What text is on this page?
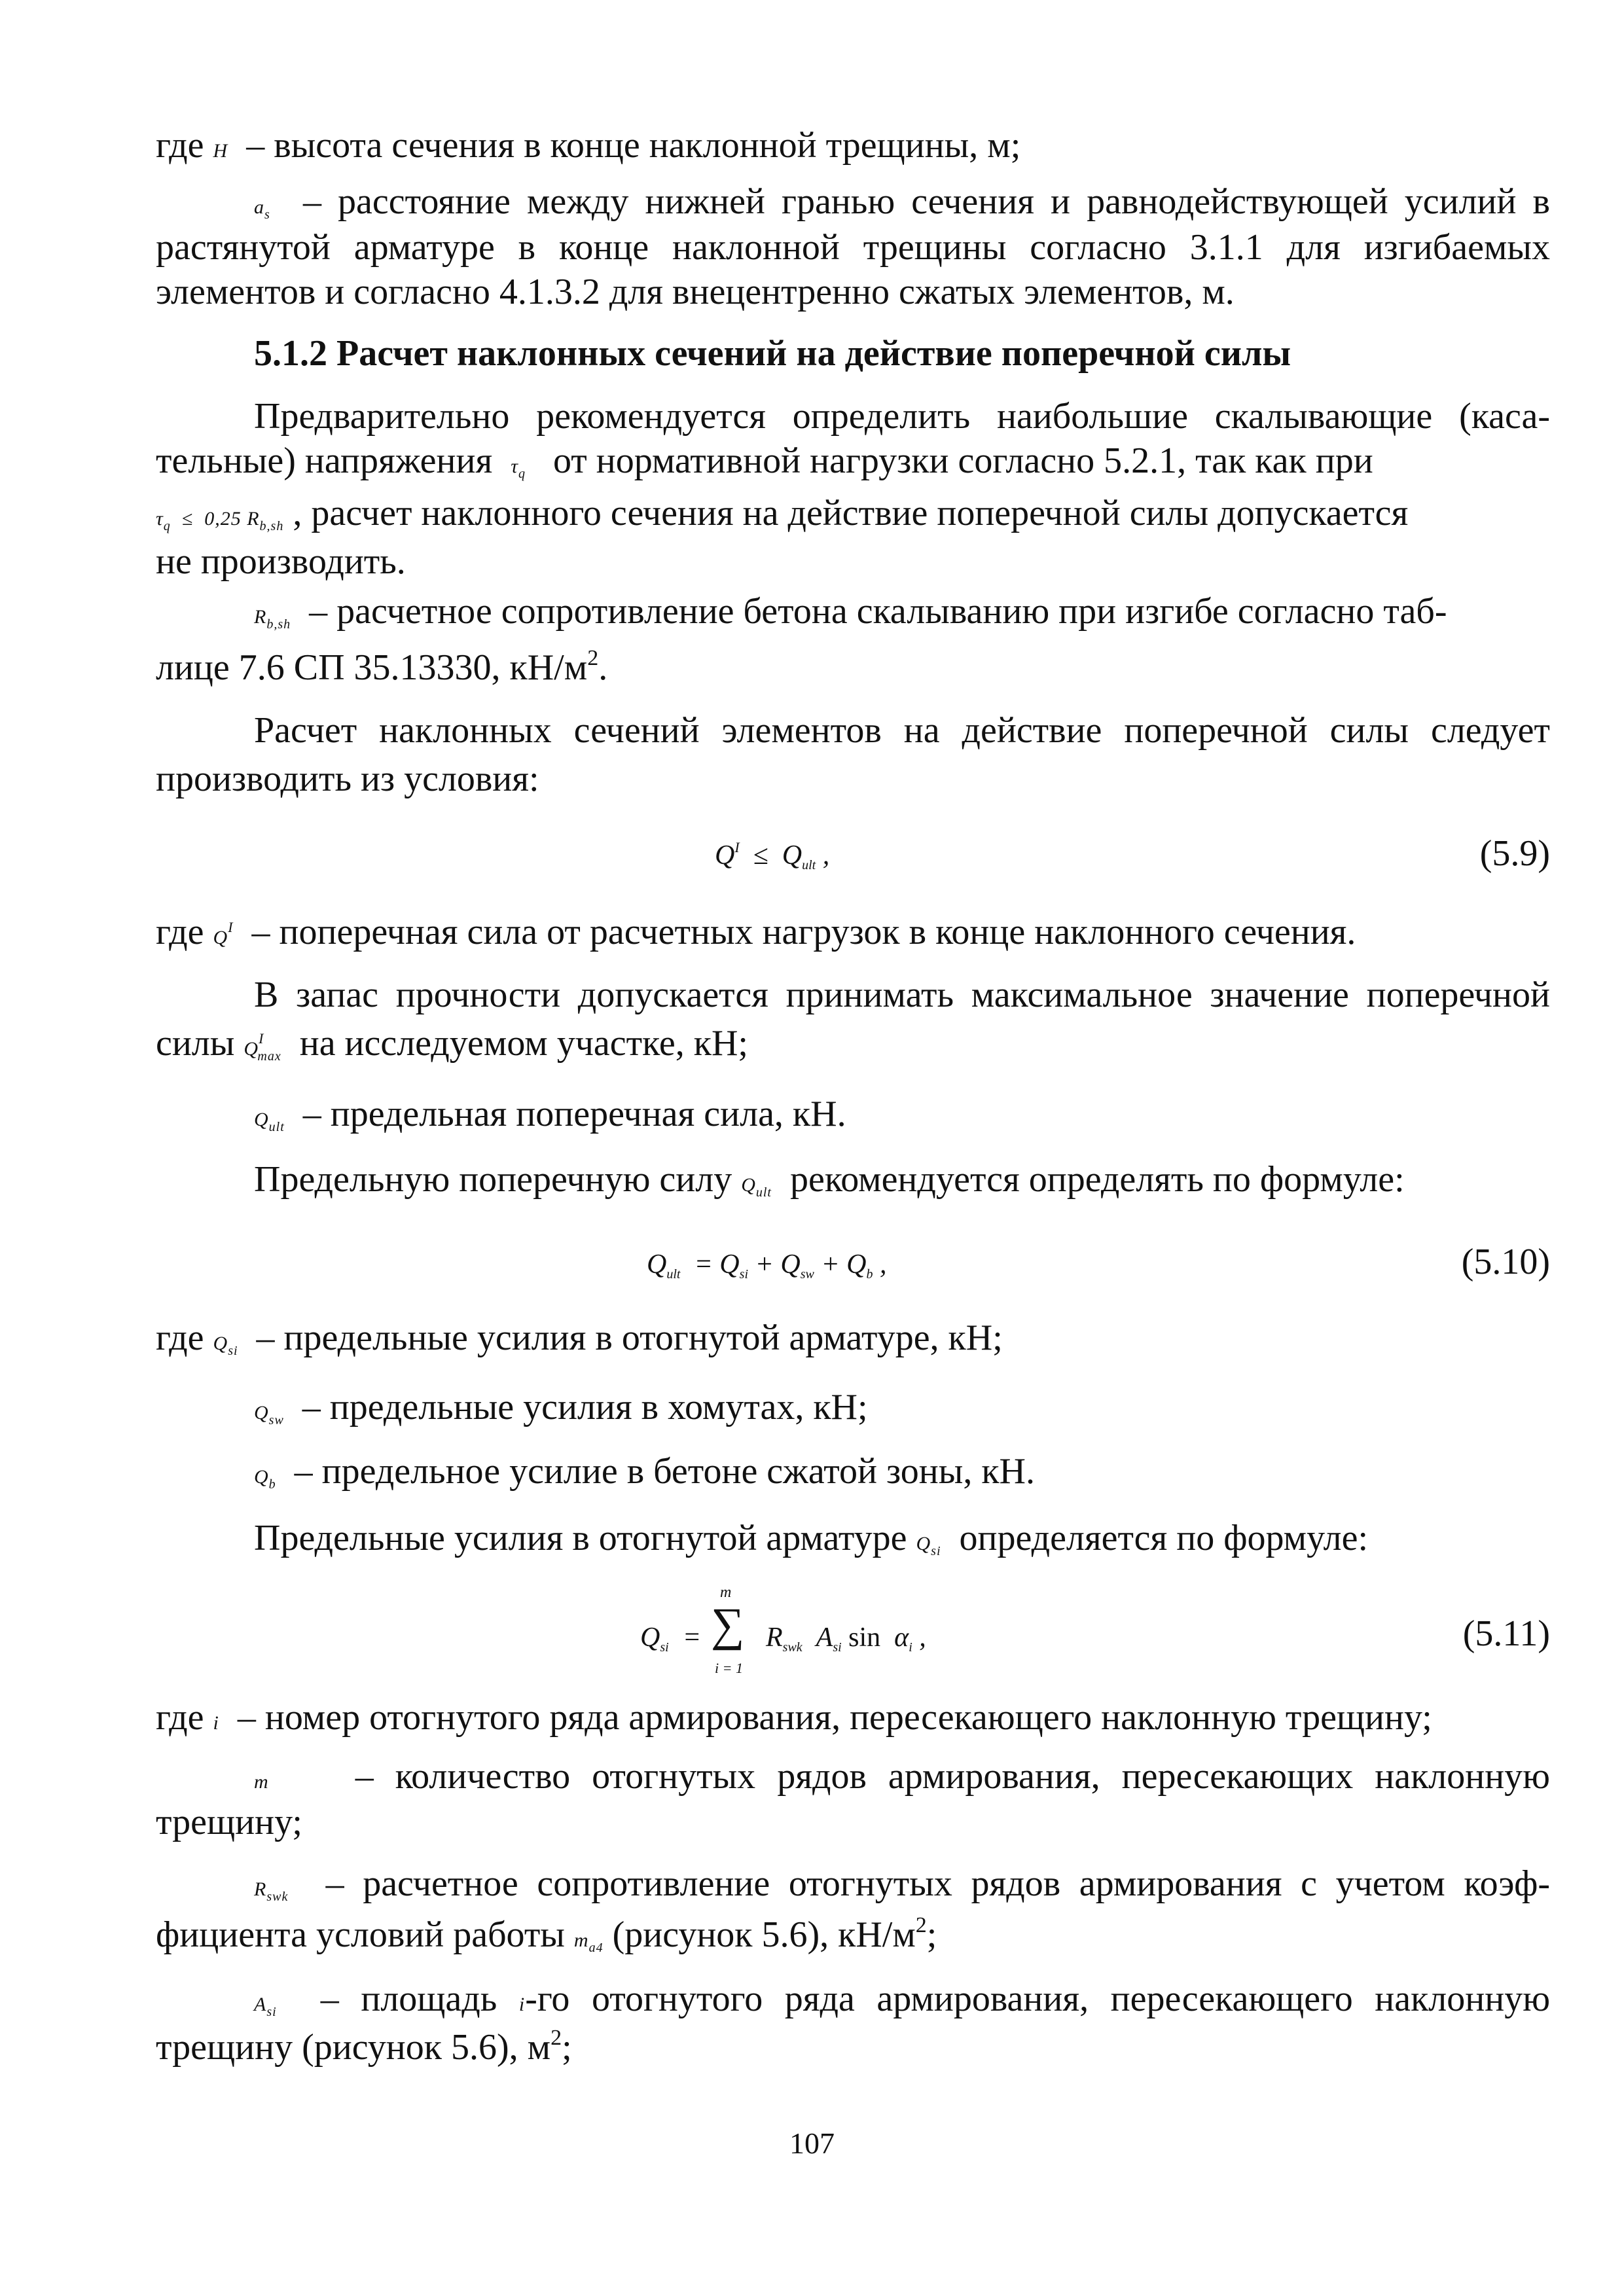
где H  – высота сечения в конце наклонной трещины, м;
$a_s$ – расстояние между нижней гранью сечения и равнодействующей усилий в
растянутой арматуре в конце наклонной трещины согласно 3.1.1 для изгибаемых
элементов и согласно 4.1.3.2 для внецентренно сжатых элементов, м.
5.1.2 Расчет наклонных сечений на действие поперечной силы
Предварительно рекомендуется определить наибольшие скалывающие (каса-
тельные) напряжения $\tau_q$ от нормативной нагрузки согласно 5.2.1, так как при
$\tau_q \le 0,25$ $R_{b,sh}$ , расчет наклонного сечения на действие поперечной силы допускается
не производить.
$R_{b,sh}$ – расчетное сопротивление бетона скалыванию при изгибе согласно таб-
лице 7.6 СП 35.13330, $кН/м^2$.
Расчет наклонных сечений элементов на действие поперечной силы следует
производить из условия:
$Q^I \le Q_{ult}$ ,	(5.9)
где $Q^I$ – поперечная сила от расчетных нагрузок в конце наклонного сечения.
В запас прочности допускается принимать максимальное значение поперечной
силы $Q^I_{max}$ на исследуемом участке, кН;
$Q_{ult}$ – предельная поперечная сила, кН.
Предельную поперечную силу $Q_{ult}$ рекомендуется определять по формуле:
$Q_{ult} = Q_{si} + Q_{sw} + Q_b$ ,	(5.10)
где $Q_{si}$ – предельные усилия в отогнутой арматуре, кН;
$Q_{sw}$ – предельные усилия в хомутах, кН;
$Q_b$ – предельное усилие в бетоне сжатой зоны, кН.
Предельные усилия в отогнутой арматуре $Q_{si}$ определяется по формуле:
$Q_{si}$  =
m
∑
i = 1
$R_{swk}$  $A_{si}$ $\sin \alpha_i$ ,	(5.11)
где i – номер отогнутого ряда армирования, пересекающего наклонную трещину;
m – количество отогнутых рядов армирования, пересекающих наклонную
трещину;
$R_{swk}$ – расчетное сопротивление отогнутых рядов армирования с учетом коэф-
фициента условий работы $m_{a4}$ (рисунок 5.6), $кН/м^2$;
$A_{si}$ – площадь i-го отогнутого ряда армирования, пересекающего наклонную
трещину (рисунок 5.6), $м^2$;
107
